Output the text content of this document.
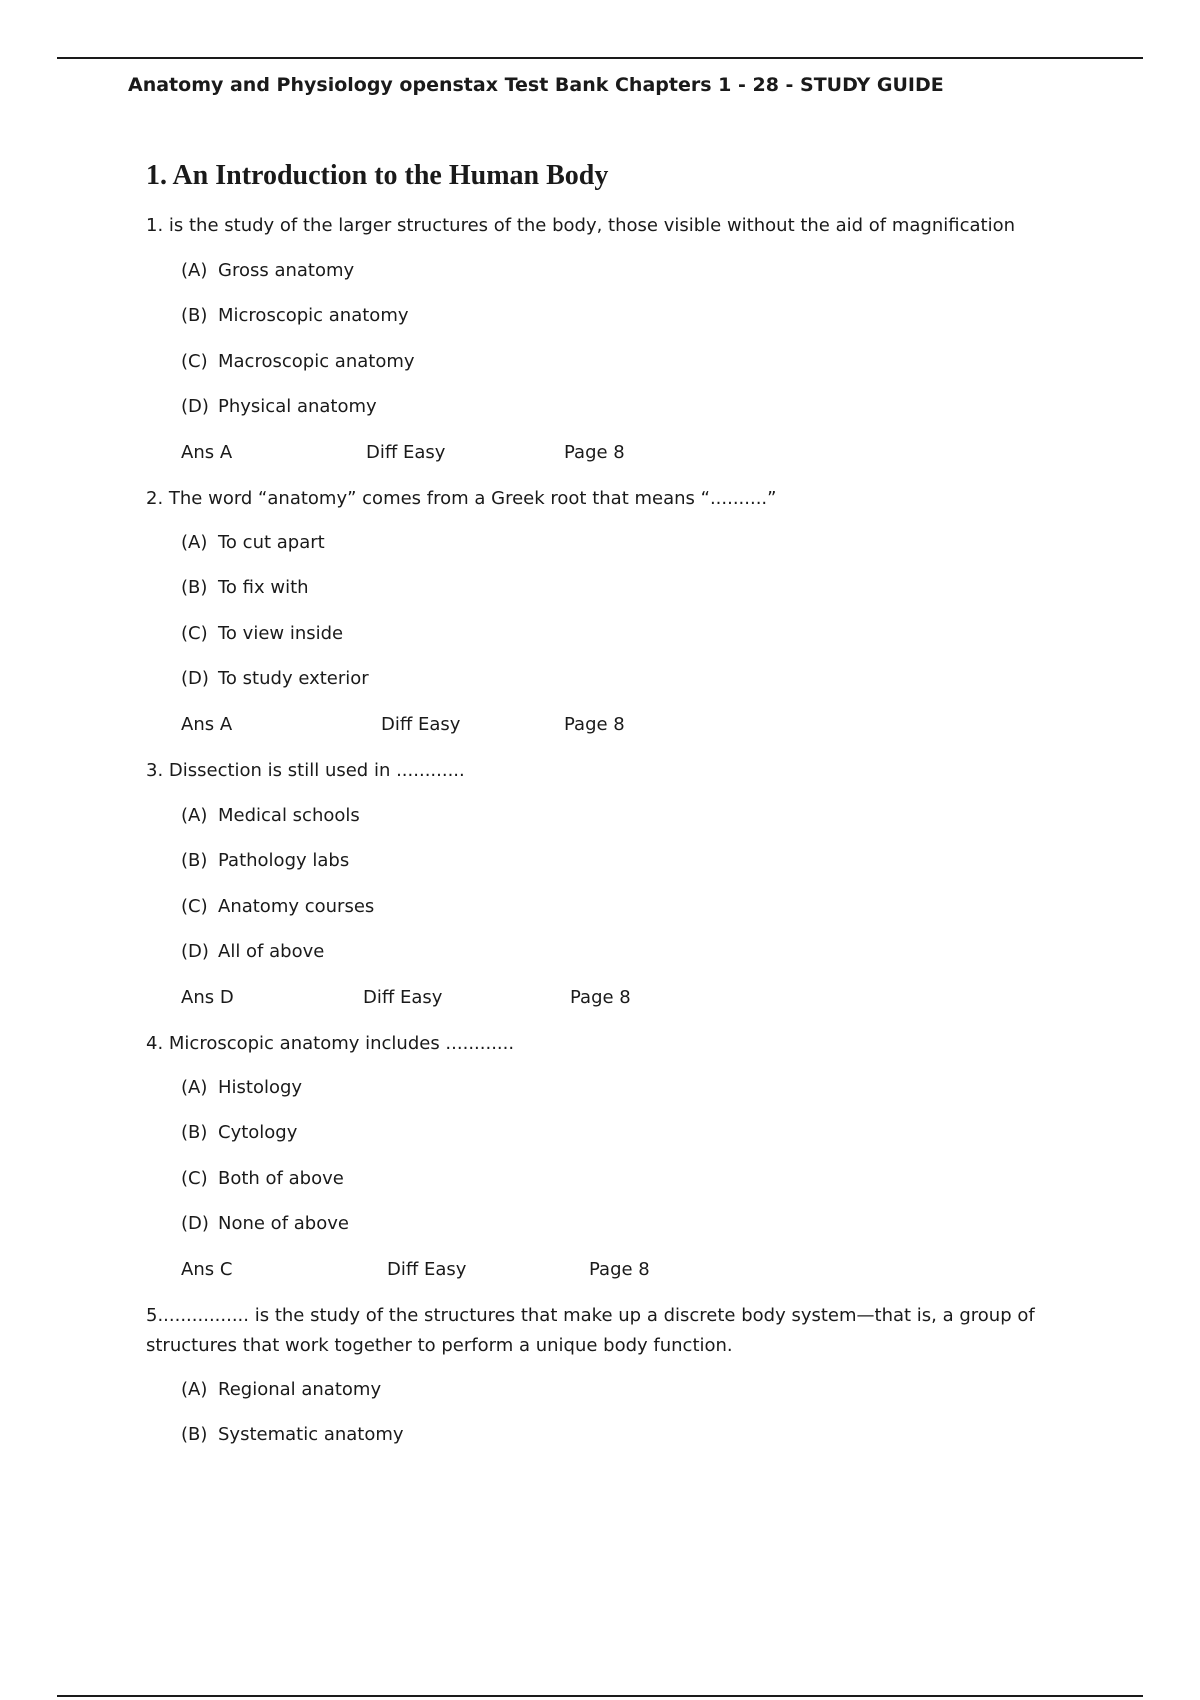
Anatomy and Physiology openstax Test Bank Chapters 1 - 28 - STUDY GUIDE
1. An Introduction to the Human Body
1. is the study of the larger structures of the body, those visible without the aid of magnification
(A) Gross anatomy
(B) Microscopic anatomy
(C) Macroscopic anatomy
(D) Physical anatomy
Ans A	Diff Easy	Page 8
2. The word “anatomy” comes from a Greek root that means “..........”
(A) To cut apart
(B) To fix with
(C) To view inside
(D) To study exterior
Ans A	Diff Easy	Page 8
3. Dissection is still used in ............
(A) Medical schools
(B) Pathology labs
(C) Anatomy courses
(D) All of above
Ans D	Diff Easy	Page 8
4. Microscopic anatomy includes ............
(A) Histology
(B) Cytology
(C) Both of above
(D) None of above
Ans C	Diff Easy	Page 8
5................ is the study of the structures that make up a discrete body system—that is, a group of structures that work together to perform a unique body function.
(A) Regional anatomy
(B) Systematic anatomy
